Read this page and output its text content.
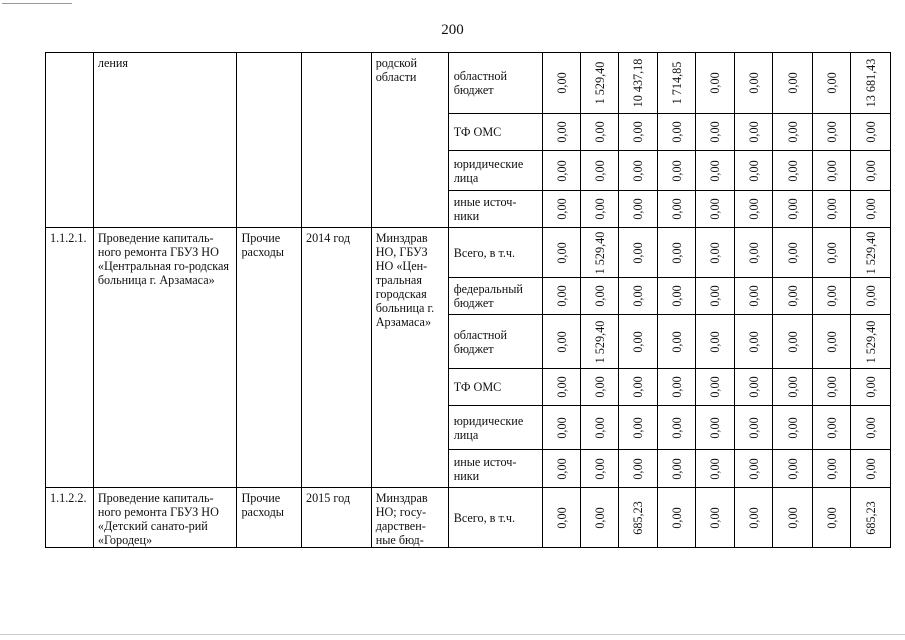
200
	ления			родской области	областной бюджет	0,00	1 529,40	10 437,18	1 714,85	0,00	0,00	0,00	0,00	13 681,43

					ТФ ОМС	0,00	0,00	0,00	0,00	0,00	0,00	0,00	0,00	0,00

					юридические лица	0,00	0,00	0,00	0,00	0,00	0,00	0,00	0,00	0,00

					иные источ-ники	0,00	0,00	0,00	0,00	0,00	0,00	0,00	0,00	0,00

1.1.2.1.	Проведение капиталь-ного ремонта ГБУЗ НО «Центральная го-родская больница г. Арзамаса»	Прочие расходы	2014 год	Минздрав НО, ГБУЗ НО «Цен-тральная городская больница г. Арзамаса»	Всего, в т.ч.	0,00	1 529,40	0,00	0,00	0,00	0,00	0,00	0,00	1 529,40

					федеральный бюджет	0,00	0,00	0,00	0,00	0,00	0,00	0,00	0,00	0,00

					областной бюджет	0,00	1 529,40	0,00	0,00	0,00	0,00	0,00	0,00	1 529,40

					ТФ ОМС	0,00	0,00	0,00	0,00	0,00	0,00	0,00	0,00	0,00

					юридические лица	0,00	0,00	0,00	0,00	0,00	0,00	0,00	0,00	0,00

					иные источ-ники	0,00	0,00	0,00	0,00	0,00	0,00	0,00	0,00	0,00

1.1.2.2.	Проведение капиталь-ного ремонта ГБУЗ НО «Детский санато-рий «Городец»	Прочие расходы	2015 год	Минздрав НО; госу-дарствен-ные бюд-	Всего, в т.ч.	0,00	0,00	685,23	0,00	0,00	0,00	0,00	0,00	685,23
